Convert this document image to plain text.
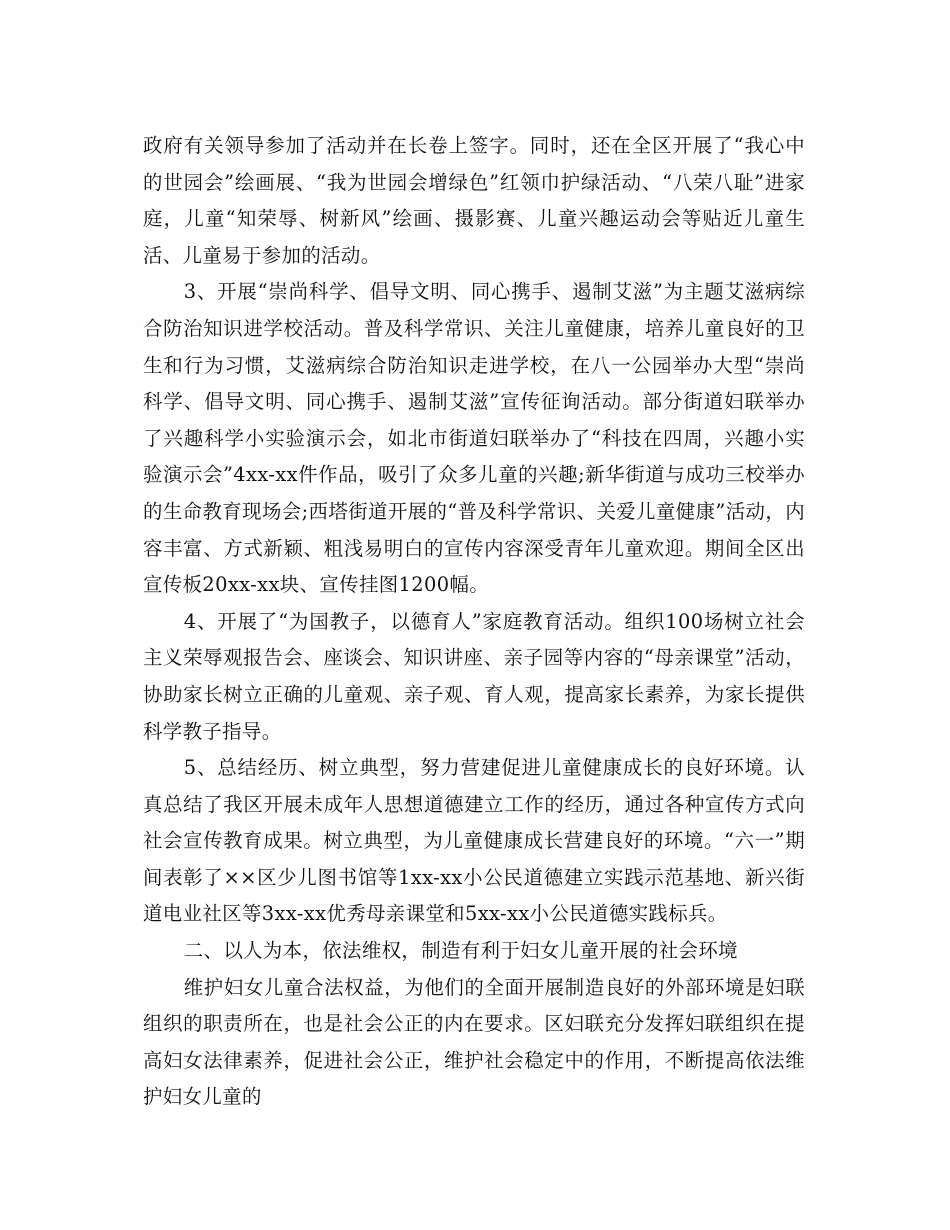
政府有关领导参加了活动并在长卷上签字。同时，还在全区开展了“我心中的世园会”绘画展、“我为世园会增绿色”红领巾护绿活动、“八荣八耻”进家庭，儿童“知荣辱、树新风”绘画、摄影赛、儿童兴趣运动会等贴近儿童生活、儿童易于参加的活动。

3、开展“崇尚科学、倡导文明、同心携手、遏制艾滋”为主题艾滋病综合防治知识进学校活动。普及科学常识、关注儿童健康，培养儿童良好的卫生和行为习惯，艾滋病综合防治知识走进学校，在八一公园举办大型“崇尚科学、倡导文明、同心携手、遏制艾滋”宣传征询活动。部分街道妇联举办了兴趣科学小实验演示会，如北市街道妇联举办了“科技在四周，兴趣小实验演示会”4xx-xx件作品，吸引了众多儿童的兴趣;新华街道与成功三校举办的生命教育现场会;西塔街道开展的“普及科学常识、关爱儿童健康”活动，内容丰富、方式新颖、粗浅易明白的宣传内容深受青年儿童欢迎。期间全区出宣传板20xx-xx块、宣传挂图1200幅。

4、开展了“为国教子，以德育人”家庭教育活动。组织100场树立社会主义荣辱观报告会、座谈会、知识讲座、亲子园等内容的“母亲课堂”活动，协助家长树立正确的儿童观、亲子观、育人观，提高家长素养，为家长提供科学教子指导。

5、总结经历、树立典型，努力营建促进儿童健康成长的良好环境。认真总结了我区开展未成年人思想道德建立工作的经历，通过各种宣传方式向社会宣传教育成果。树立典型，为儿童健康成长营建良好的环境。“六一”期间表彰了××区少儿图书馆等1xx-xx小公民道德建立实践示范基地、新兴街道电业社区等3xx-xx优秀母亲课堂和5xx-xx小公民道德实践标兵。

二、以人为本，依法维权，制造有利于妇女儿童开展的社会环境

维护妇女儿童合法权益，为他们的全面开展制造良好的外部环境是妇联组织的职责所在，也是社会公正的内在要求。区妇联充分发挥妇联组织在提高妇女法律素养，促进社会公正，维护社会稳定中的作用，不断提高依法维护妇女儿童的
